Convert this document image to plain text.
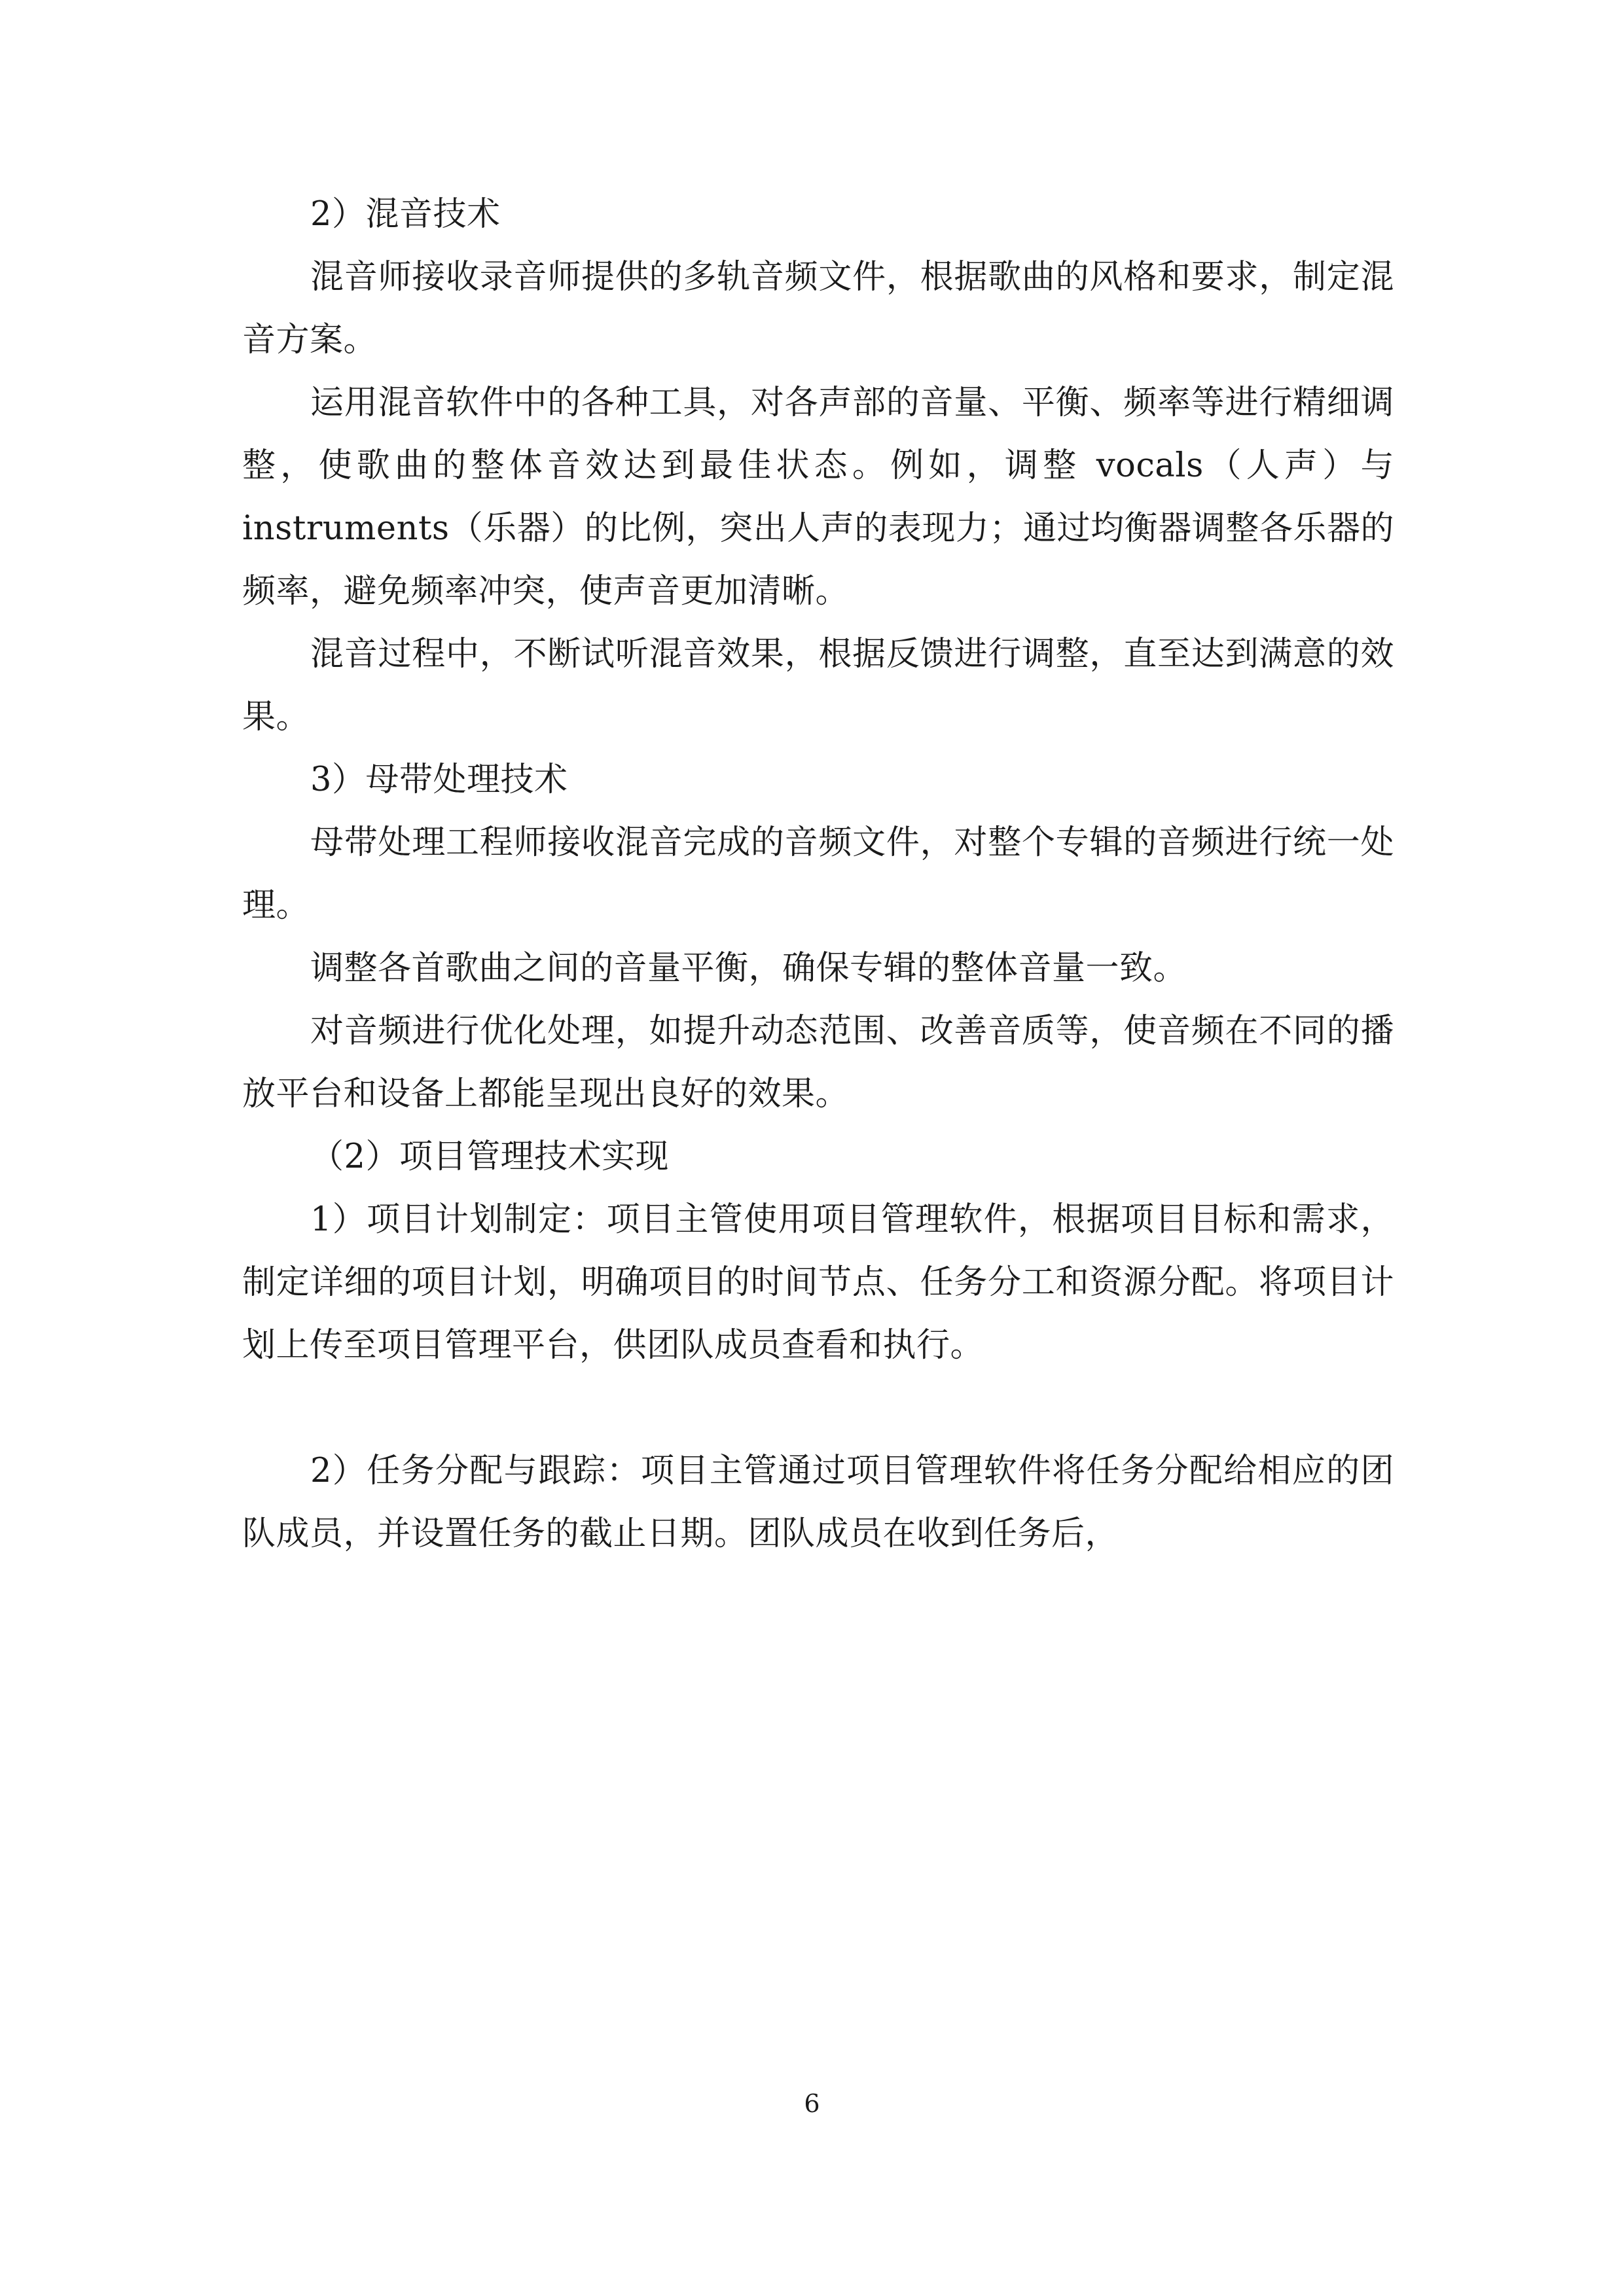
2）混音技术

混音师接收录音师提供的多轨音频文件，根据歌曲的风格和要求，制定混音方案。

运用混音软件中的各种工具，对各声部的音量、平衡、频率等进行精细调整，使歌曲的整体音效达到最佳状态。例如，调整 vocals（人声）与 instruments（乐器）的比例，突出人声的表现力；通过均衡器调整各乐器的频率，避免频率冲突，使声音更加清晰。

混音过程中，不断试听混音效果，根据反馈进行调整，直至达到满意的效果。

3）母带处理技术

母带处理工程师接收混音完成的音频文件，对整个专辑的音频进行统一处理。

调整各首歌曲之间的音量平衡，确保专辑的整体音量一致。

对音频进行优化处理，如提升动态范围、改善音质等，使音频在不同的播放平台和设备上都能呈现出良好的效果。

（2）项目管理技术实现

1）项目计划制定：项目主管使用项目管理软件，根据项目目标和需求，制定详细的项目计划，明确项目的时间节点、任务分工和资源分配。将项目计划上传至项目管理平台，供团队成员查看和执行。

2）任务分配与跟踪：项目主管通过项目管理软件将任务分配给相应的团队成员，并设置任务的截止日期。团队成员在收到任务后，

6
